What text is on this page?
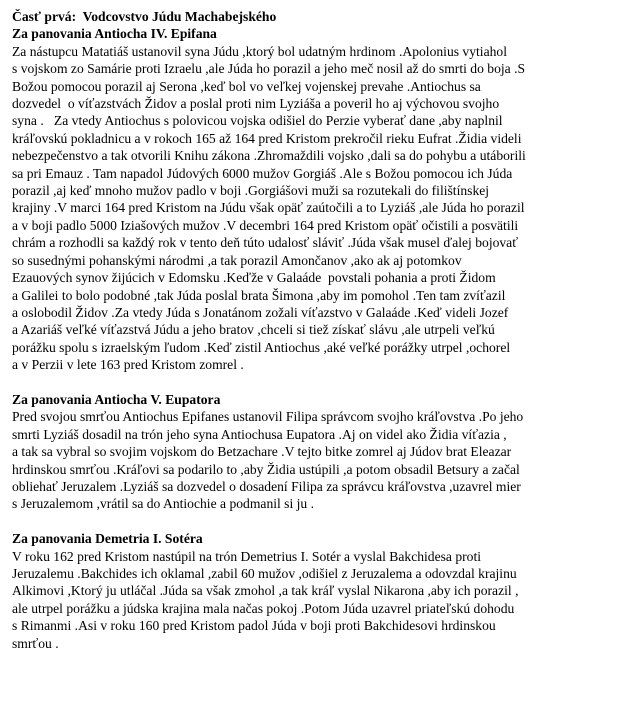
Časť prvá:  Vodcovstvo Júdu Machabejského
Za panovania Antiocha IV. Epifana
Za nástupcu Matatiáš ustanovil syna Júdu ,ktorý bol udatným hrdinom .Apolonius vytiahol
s vojskom zo Samárie proti Izraelu ,ale Júda ho porazil a jeho meč nosil až do smrti do boja .S
Božou pomocou porazil aj Serona ,keď bol vo veľkej vojenskej prevahe .Antiochus sa
dozvedel  o víťazstvách Židov a poslal proti nim Lyziáša a poveril ho aj výchovou svojho
syna .   Za vtedy Antiochus s polovicou vojska odišiel do Perzie vyberať dane ,aby naplnil
kráľovskú pokladnicu a v rokoch 165 až 164 pred Kristom prekročil rieku Eufrat .Židia videli
nebezpečenstvo a tak otvorili Knihu zákona .Zhromaždili vojsko ,dali sa do pohybu a utáborili
sa pri Emauz . Tam napadol Júdových 6000 mužov Gorgiáš .Ale s Božou pomocou ich Júda
porazil ,aj keď mnoho mužov padlo v boji .Gorgiášovi muži sa rozutekali do filištínskej
krajiny .V marci 164 pred Kristom na Júdu však opäť zaútočili a to Lyziáš ,ale Júda ho porazil
a v boji padlo 5000 Iziašových mužov .V decembri 164 pred Kristom opäť očistili a posvätili
chrám a rozhodli sa každý rok v tento deň túto udalosť sláviť .Júda však musel ďalej bojovať
so susednými pohanskými národmi ,a tak porazil Amončanov ,ako ak aj potomkov
Ezauových synov žijúcich v Edomsku .Keďže v Galaáde  povstali pohania a proti Židom
a Galilei to bolo podobné ,tak Júda poslal brata Šimona ,aby im pomohol .Ten tam zvíťazil
a oslobodil Židov .Za vtedy Júda s Jonatánom zožali víťazstvo v Galaáde .Keď videli Jozef
a Azariáš veľké víťazstvá Júdu a jeho bratov ,chceli si tiež získať slávu ,ale utrpeli veľkú
porážku spolu s izraelským ľudom .Keď zistil Antiochus ,aké veľké porážky utrpel ,ochorel
a v Perzii v lete 163 pred Kristom zomrel .
Za panovania Antiocha V. Eupatora
Pred svojou smrťou Antiochus Epifanes ustanovil Filipa správcom svojho kráľovstva .Po jeho
smrti Lyziáš dosadil na trón jeho syna Antiochusa Eupatora .Aj on videl ako Židia víťazia ,
a tak sa vybral so svojim vojskom do Betzachare .V tejto bitke zomrel aj Júdov brat Eleazar
hrdinskou smrťou .Kráľovi sa podarilo to ,aby Židia ustúpili ,a potom obsadil Betsury a začal
obliehať Jeruzalem .Lyziáš sa dozvedel o dosadení Filipa za správcu kráľovstva ,uzavrel mier
s Jeruzalemom ,vrátil sa do Antiochie a podmanil si ju .
Za panovania Demetria I. Sotéra
V roku 162 pred Kristom nastúpil na trón Demetrius I. Sotér a vyslal Bakchidesa proti
Jeruzalemu .Bakchides ich oklamal ,zabil 60 mužov ,odišiel z Jeruzalema a odovzdal krajinu
Alkimovi ,Ktorý ju utláčal .Júda sa však zmohol ,a tak kráľ vyslal Nikarona ,aby ich porazil ,
ale utrpel porážku a júdska krajina mala načas pokoj .Potom Júda uzavrel priateľskú dohodu
s Rimanmi .Asi v roku 160 pred Kristom padol Júda v boji proti Bakchidesovi hrdinskou
smrťou .
